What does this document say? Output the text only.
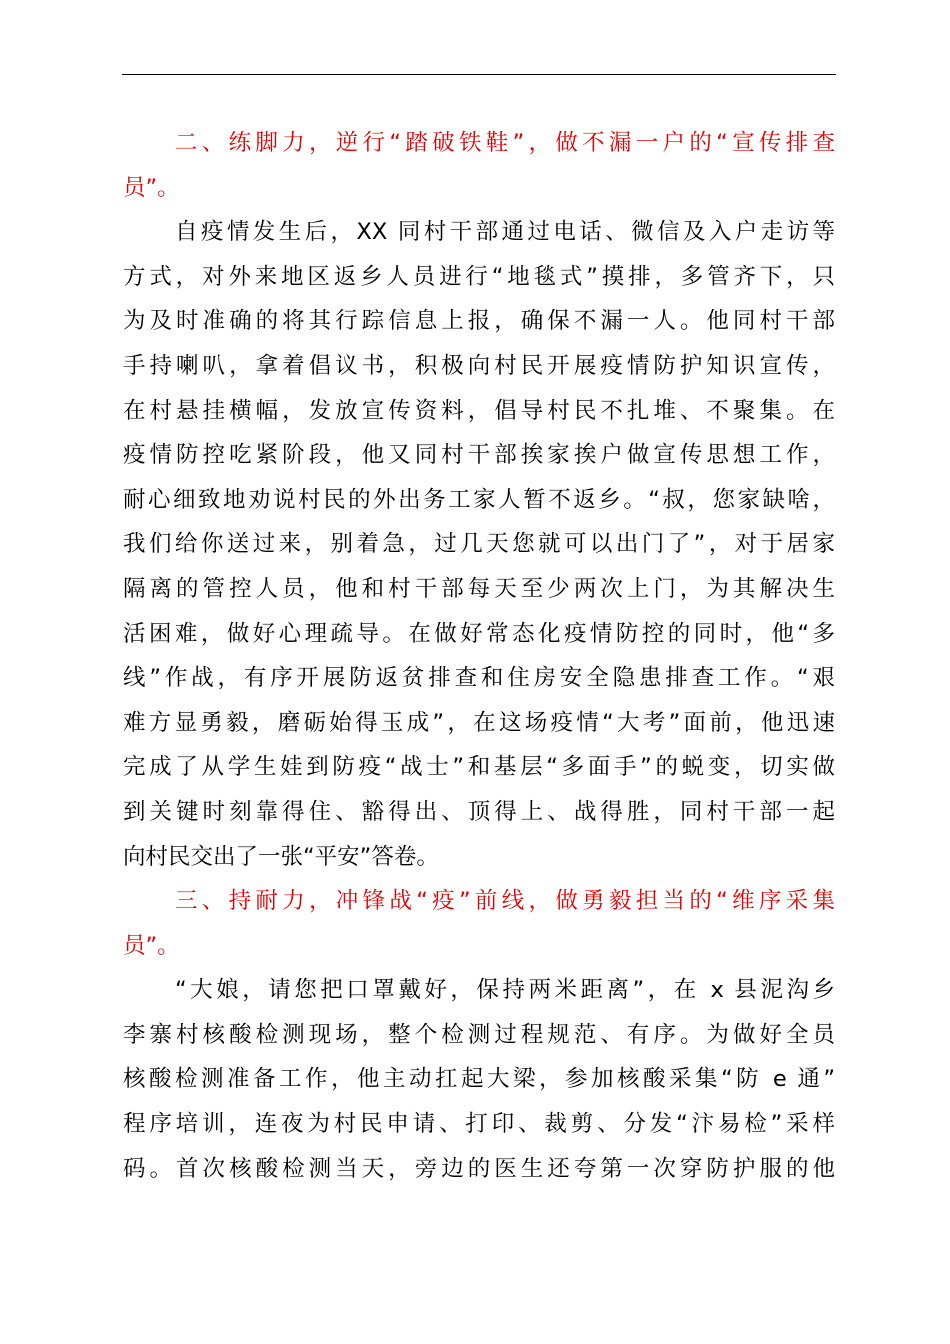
二、练脚力，逆行“踏破铁鞋”，做不漏一户的“宣传排查
员”。

自疫情发生后，XX 同村干部通过电话、微信及入户走访等
方式，对外来地区返乡人员进行“地毯式”摸排，多管齐下，只
为及时准确的将其行踪信息上报，确保不漏一人。他同村干部
手持喇叭，拿着倡议书，积极向村民开展疫情防护知识宣传，
在村悬挂横幅，发放宣传资料，倡导村民不扎堆、不聚集。在
疫情防控吃紧阶段，他又同村干部挨家挨户做宣传思想工作，
耐心细致地劝说村民的外出务工家人暂不返乡。“叔，您家缺啥，
我们给你送过来，别着急，过几天您就可以出门了”，对于居家
隔离的管控人员，他和村干部每天至少两次上门，为其解决生
活困难，做好心理疏导。在做好常态化疫情防控的同时，他“多
线”作战，有序开展防返贫排查和住房安全隐患排查工作。“艰
难方显勇毅，磨砺始得玉成”，在这场疫情“大考”面前，他迅速
完成了从学生娃到防疫“战士”和基层“多面手”的蜕变，切实做
到关键时刻靠得住、豁得出、顶得上、战得胜，同村干部一起
向村民交出了一张“平安”答卷。

三、持耐力，冲锋战“疫”前线，做勇毅担当的“维序采集
员”。

“大娘，请您把口罩戴好，保持两米距离”，在 x 县泥沟乡
李寨村核酸检测现场，整个检测过程规范、有序。为做好全员
核酸检测准备工作，他主动扛起大梁，参加核酸采集“防 e 通”
程序培训，连夜为村民申请、打印、裁剪、分发“汴易检”采样
码。首次核酸检测当天，旁边的医生还夸第一次穿防护服的他
